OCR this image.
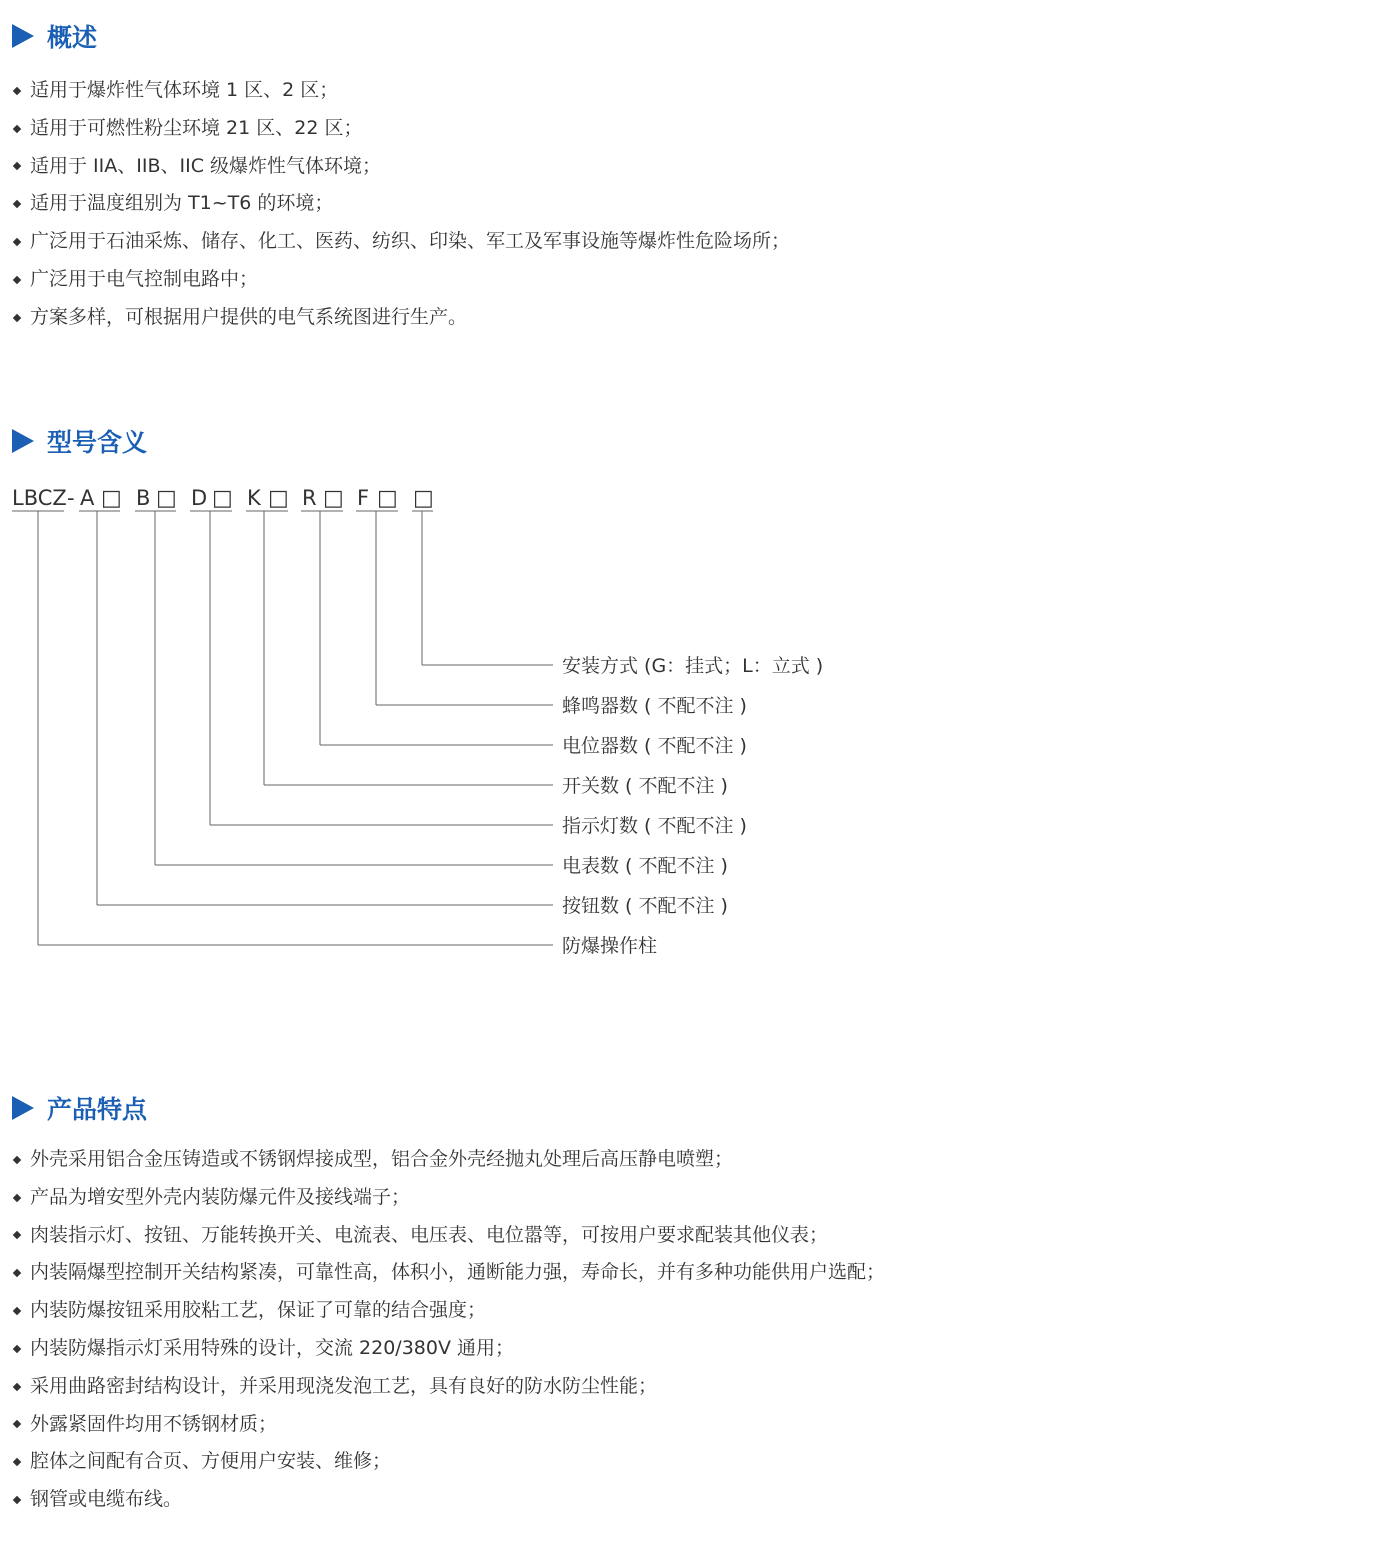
概述
适用于爆炸性气体环境 1 区、2 区；
适用于可燃性粉尘环境 21 区、22 区；
适用于 IIA、IIB、IIC 级爆炸性气体环境；
适用于温度组别为 T1~T6 的环境；
广泛用于石油采炼、储存、化工、医药、纺织、印染、军工及军事设施等爆炸性危险场所；
广泛用于电气控制电路中；
方案多样，可根据用户提供的电气系统图进行生产。
型号含义
LBCZ - A □ B □ D □ K □ R □ F □ □
安装方式 (G：挂式；L：立式 )
蜂鸣器数 ( 不配不注 )
电位器数 ( 不配不注 )
开关数 ( 不配不注 )
指示灯数 ( 不配不注 )
电表数 ( 不配不注 )
按钮数 ( 不配不注 )
防爆操作柱
产品特点
外壳采用铝合金压铸造或不锈钢焊接成型，铝合金外壳经抛丸处理后高压静电喷塑；
产品为增安型外壳内装防爆元件及接线端子；
肉装指示灯、按钮、万能转换开关、电流表、电压表、电位嚣等，可按用户要求配装其他仪表；
内装隔爆型控制开关结构紧凑，可靠性高，体积小，通断能力强，寿命长，并有多种功能供用户选配；
内装防爆按钮采用胶粘工艺，保证了可靠的结合强度；
内装防爆指示灯采用特殊的设计，交流 220/380V 通用；
采用曲路密封结构设计，并采用现浇发泡工艺，具有良好的防水防尘性能；
外露紧固件均用不锈钢材质；
腔体之间配有合页、方便用户安装、维修；
钢管或电缆布线。
